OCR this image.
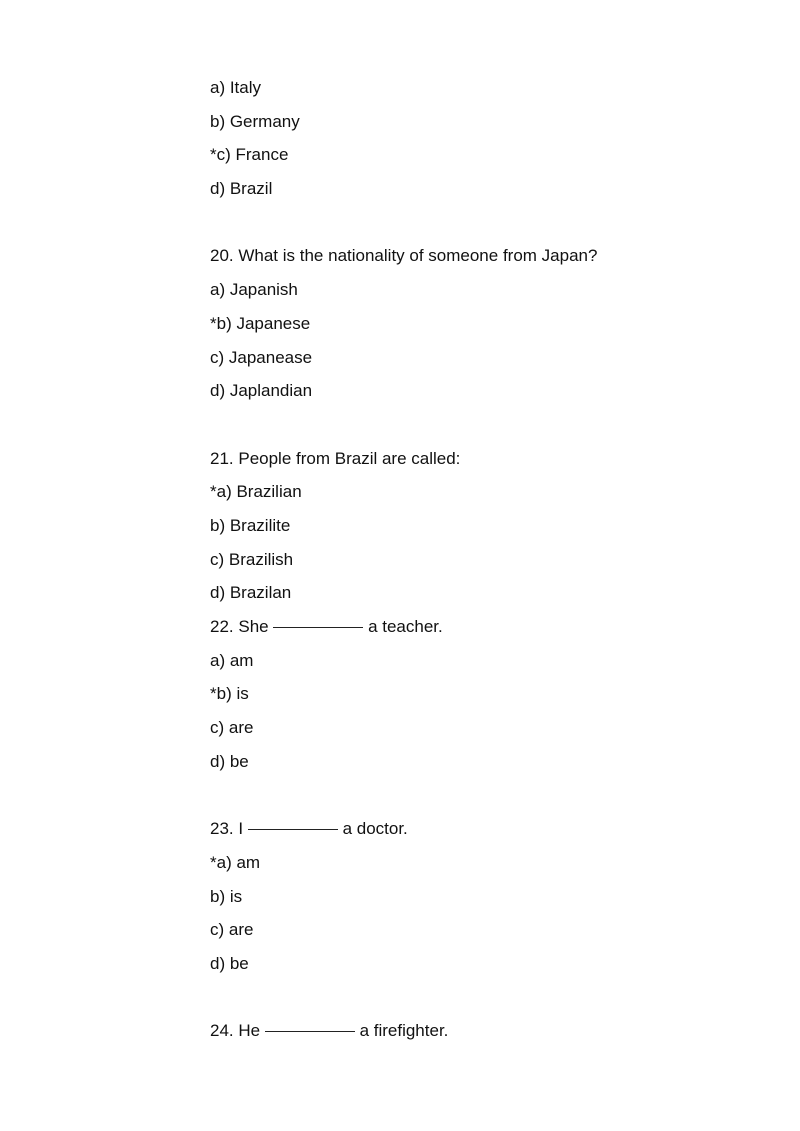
a) Italy
b) Germany
*c) France
d) Brazil
20. What is the nationality of someone from Japan?
a) Japanish
*b) Japanese
c) Japanease
d) Japlandian
21. People from Brazil are called:
*a) Brazilian
b) Brazilite
c) Brazilish
d) Brazilan
22. She	a teacher.
a) am
*b) is
c) are
d) be
23. I	a doctor.
*a) am
b) is
c) are
d) be
24. He	a firefighter.
